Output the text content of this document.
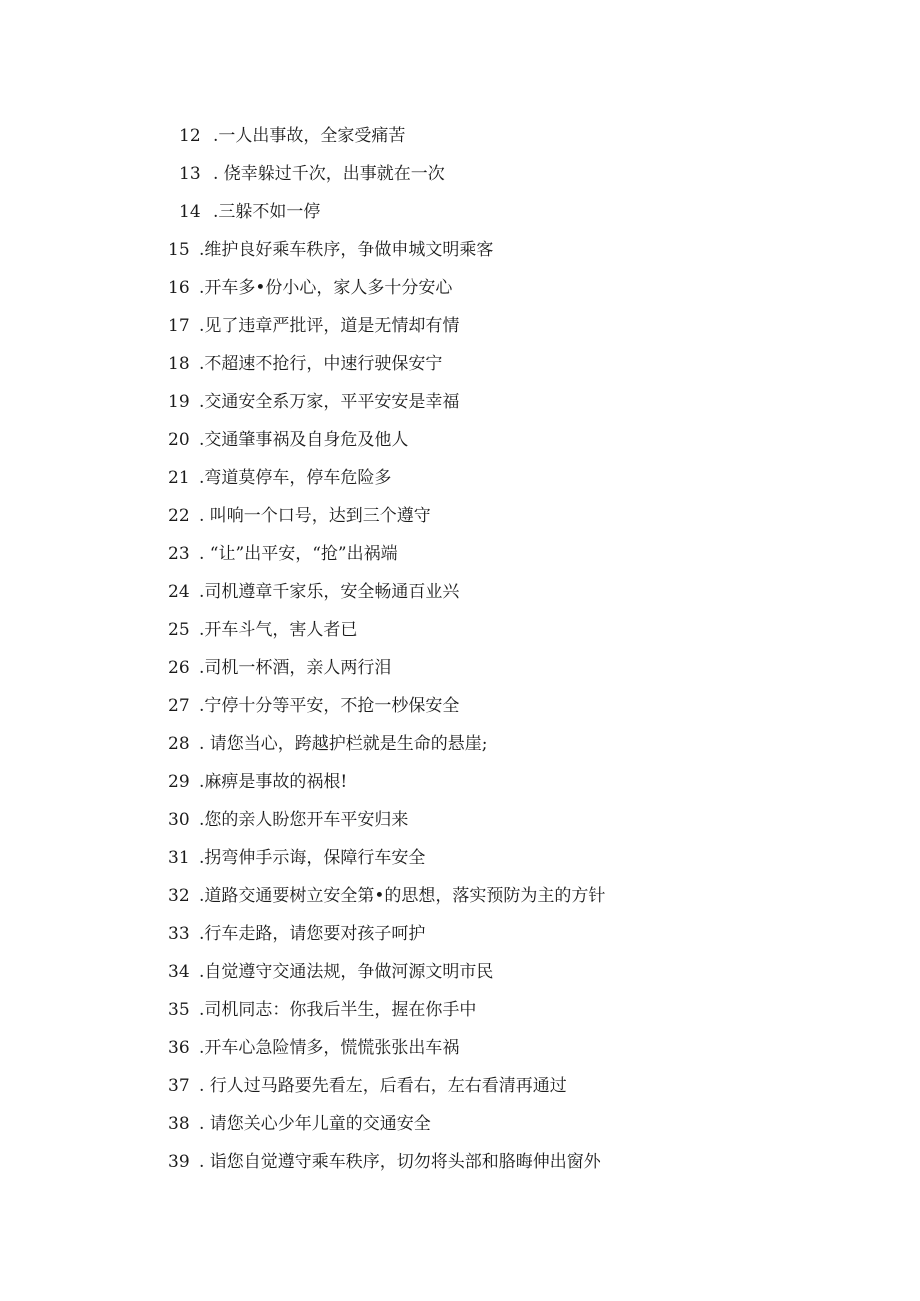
12 .一人出事故，全家受痛苦
13 . 侥幸躲过千次，出事就在一次
14 .三躲不如一停
15 .维护良好乘车秩序，争做申城文明乘客
16 .开车多•份小心，家人多十分安心
17 .见了违章严批评，道是无情却有情
18 .不超速不抢行，中速行驶保安宁
19 .交通安全系万家，平平安安是幸福
20 .交通肇事祸及自身危及他人
21 .弯道莫停车，停车危险多
22 . 叫响一个口号，达到三个遵守
23 . “让”出平安，“抢”出祸端
24 .司机遵章千家乐，安全畅通百业兴
25 .开车斗气，害人者已
26 .司机一杯酒，亲人两行泪
27 .宁停十分等平安，不抢一杪保安全
28 . 请您当心，跨越护栏就是生命的悬崖;
29 .麻痹是事故的祸根!
30 .您的亲人盼您开车平安归来
31 .拐弯伸手示诲，保障行车安全
32 .道路交通要树立安全第•的思想，落实预防为主的方针
33 .行车走路，请您要对孩子呵护
34 .自觉遵守交通法规，争做河源文明市民
35 .司机同志：你我后半生，握在你手中
36 .开车心急险情多，慌慌张张出车祸
37 . 行人过马路要先看左，后看右，左右看清再通过
38 . 请您关心少年儿童的交通安全
39 . 诣您自觉遵守乘车秩序，切勿将头部和胳晦伸出窗外
